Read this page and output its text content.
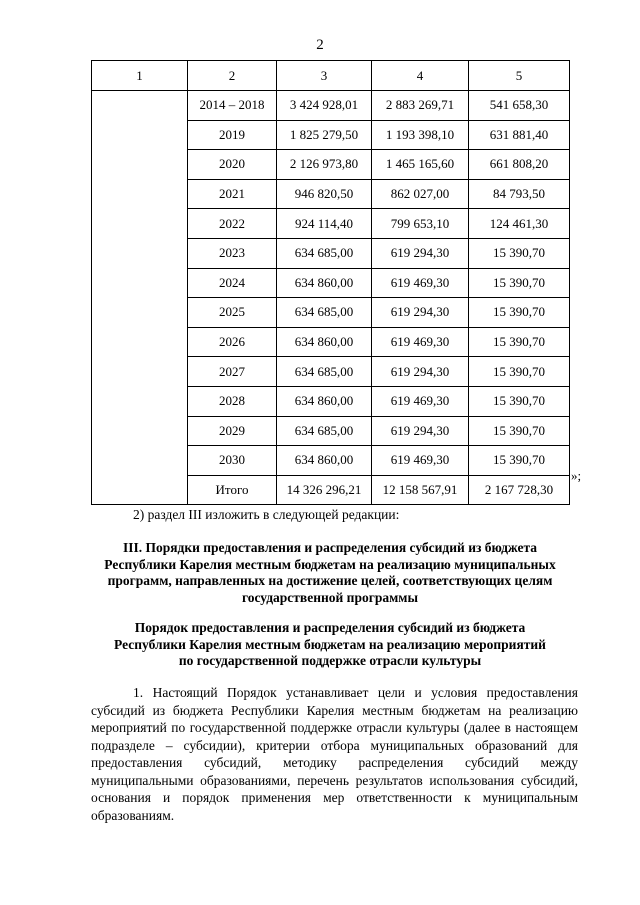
2
1	2	3	4	5
	2014 – 2018	3 424 928,01	2 883 269,71	541 658,30
	2019	1 825 279,50	1 193 398,10	631 881,40
	2020	2 126 973,80	1 465 165,60	661 808,20
	2021	946 820,50	862 027,00	84 793,50
	2022	924 114,40	799 653,10	124 461,30
	2023	634 685,00	619 294,30	15 390,70
	2024	634 860,00	619 469,30	15 390,70
	2025	634 685,00	619 294,30	15 390,70
	2026	634 860,00	619 469,30	15 390,70
	2027	634 685,00	619 294,30	15 390,70
	2028	634 860,00	619 469,30	15 390,70
	2029	634 685,00	619 294,30	15 390,70
	2030	634 860,00	619 469,30	15 390,70
	Итого	14 326 296,21	12 158 567,91	2 167 728,30
»;
2) раздел III изложить в следующей редакции:
III. Порядки предоставления и распределения субсидий из бюджета
Республики Карелия местным бюджетам на реализацию муниципальных
программ, направленных на достижение целей, соответствующих целям
государственной программы
Порядок предоставления и распределения субсидий из бюджета
Республики Карелия местным бюджетам на реализацию мероприятий
по государственной поддержке отрасли культуры
1. Настоящий Порядок устанавливает цели и условия предоставления субсидий из бюджета Республики Карелия местным бюджетам на реализацию мероприятий по государственной поддержке отрасли культуры (далее в настоящем подразделе – субсидии), критерии отбора муниципальных образований для предоставления субсидий, методику распределения субсидий между муниципальными образованиями, перечень результатов использования субсидий, основания и порядок применения мер ответственности к муниципальным образованиям.
